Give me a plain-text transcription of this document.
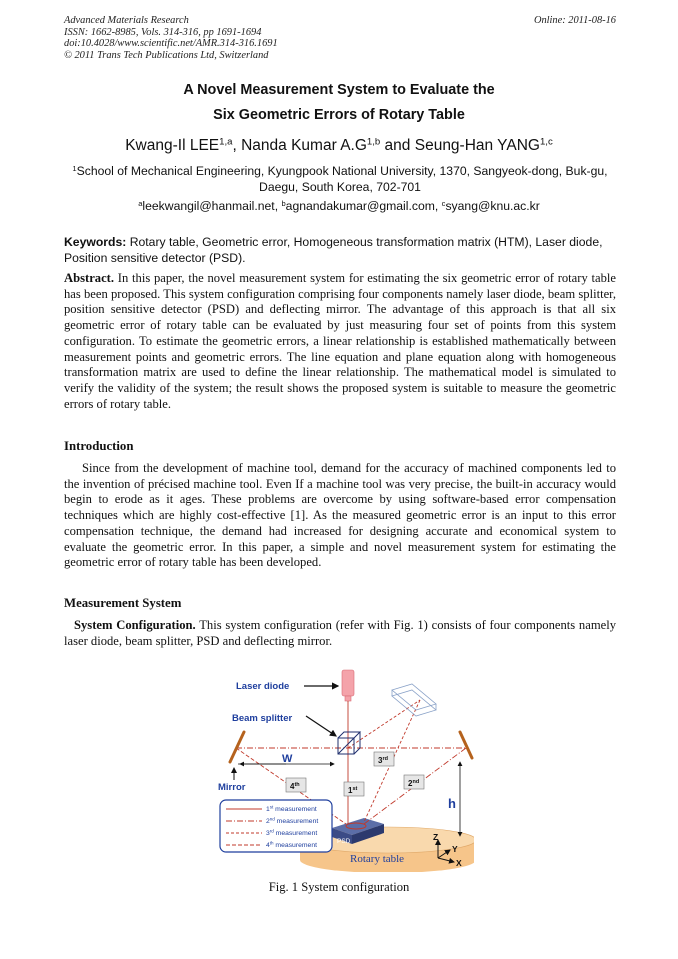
Advanced Materials Research
ISSN: 1662-8985, Vols. 314-316, pp 1691-1694
doi:10.4028/www.scientific.net/AMR.314-316.1691
© 2011 Trans Tech Publications Ltd, Switzerland
Online: 2011-08-16
A Novel Measurement System to Evaluate the
Six Geometric Errors of Rotary Table
Kwang-Il LEE$^{1,a}$, Nanda Kumar $A.G^{1,b}$ and Seung-Han YANG$^{1,c}$
$^1$School of Mechanical Engineering, Kyungpook National University, 1370, Sangyeok-dong, Buk-gu, Daegu, South Korea, 702-701
$^a$leekwangil@hanmail.net, $^b$agnandakumar@gmail.com, $^c$syang@knu.ac.kr
Keywords: Rotary table, Geometric error, Homogeneous transformation matrix (HTM), Laser diode, Position sensitive detector (PSD).
Abstract. In this paper, the novel measurement system for estimating the six geometric error of rotary table has been proposed. This system configuration comprising four components namely laser diode, beam splitter, position sensitive detector (PSD) and deflecting mirror. The advantage of this approach is that all six geometric error of rotary table can be evaluated by just measuring four set of points from this system configuration. To estimate the geometric errors, a linear relationship is established mathematically between measurement points and geometric errors. The line equation and plane equation along with homogeneous transformation matrix are used to define the linear relationship. The mathematical model is simulated to verify the validity of the system; the result shows the proposed system is suitable to measure the geometric errors of rotary table.
Introduction
Since from the development of machine tool, demand for the accuracy of machined components led to the invention of précised machine tool. Even If a machine tool was very precise, the built-in accuracy would begin to erode as it ages. These problems are overcome by using software-based error compensation techniques which are highly cost-effective [1]. As the measured geometric error is an input to this error compensation technique, the demand had increased for designing accurate and economical system to evaluate the geometric error. In this paper, a simple and novel measurement system for estimating the geometric error of rotary table has been developed.
Measurement System
System Configuration. This system configuration (refer with Fig. 1) consists of four components namely laser diode, beam splitter, PSD and deflecting mirror.
Rotary table
PSD
Laser diode
Beam splitter
Mirror
W
h
1st
2nd
3rd
4th
1st measurement
2nd measurement
3rd measurement
4th measurement
Z
Y
X
Fig. 1 System configuration
